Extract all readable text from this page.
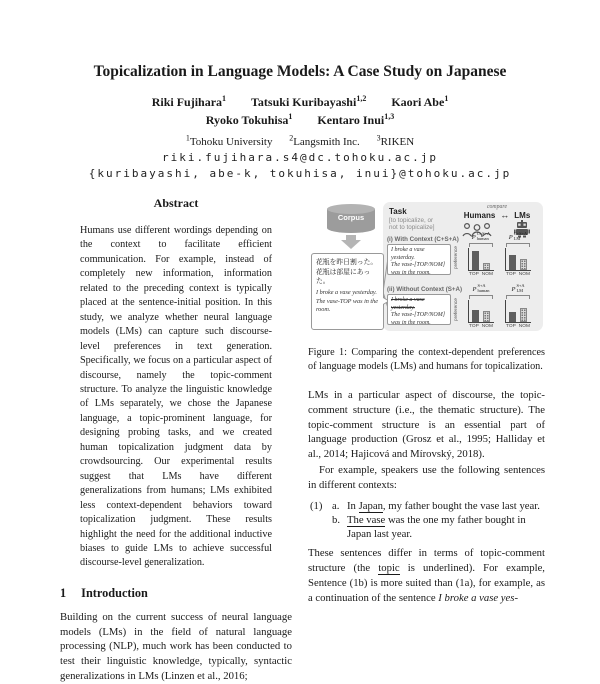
Topicalization in Language Models: A Case Study on Japanese
Riki Fujihara$^1$ Tatsuki Kuribayashi$^{1,2}$ Kaori Abe$^1$
Ryoko Tokuhisa$^1$ Kentaro Inui$^{1,3}$
$^1$Tohoku University $^2$Langsmith Inc. $^3$RIKEN
riki.fujihara.s4@dc.tohoku.ac.jp
{kuribayashi, abe-k, tokuhisa, inui}@tohoku.ac.jp
Abstract

Humans use different wordings depending on the context to facilitate efficient communication. For example, instead of completely new information, information related to the preceding context is typically placed at the sentence-initial position. In this study, we analyze whether neural language models (LMs) can capture such discourse-level preferences in text generation. Specifically, we focus on a particular aspect of discourse, namely the topic-comment structure. To analyze the linguistic knowledge of LMs separately, we chose the Japanese language, a topic-prominent language, for designing probing tasks, and we created human topicalization judgment data by crowdsourcing. Our experimental results suggest that LMs have different generalizations from humans; LMs exhibited less context-dependent behaviors toward topicalization judgment. These results highlight the need for the additional inductive biases to guide LMs to achieve successful discourse-level generalization.

1 Introduction

Building on the current success of neural language models (LMs) in the field of natural language processing (NLP), much work has been conducted to test their linguistic knowledge, typically, syntactic generalizations in LMs (Linzen et al., 2016;

Corpus
花瓶を昨日割った。
花瓶は部屋にあった。
I broke a vase yesterday.
The vase-TOP was in the room.
Task
[to topicalize, or
not to topicalize]
compare
Humans ↔ LMs
(i) With Context (C+S+A)
I broke a vase yesterday.
The vase-[TOP/NOM] was in the room.
preference
P C+S+A
human
TOP NOM
P C+S+A
LM
TOP NOM
(ii) Without Context (S+A)
I broke a vase yesterday.
The vase-[TOP/NOM] was in the room.
preference
P S+A
human
TOP NOM
P S+A
LM
TOP NOM
Figure 1: Comparing the context-dependent preferences of language models (LMs) and humans for topicalization.

LMs in a particular aspect of discourse, the topic-comment structure (i.e., the thematic structure). The topic-comment structure is an essential part of language production (Grosz et al., 1995; Halliday et al., 2014; Hajicová and Mírovský, 2018).

For example, speakers use the following sentences in different contexts:

(1) a. In Japan, my father bought the vase last year.
b. The vase was the one my father bought in Japan last year.

These sentences differ in terms of topic-comment structure (the topic is underlined). For example, Sentence (1b) is more suited than (1a), for example, as a continuation of the sentence I broke a vase yes-
